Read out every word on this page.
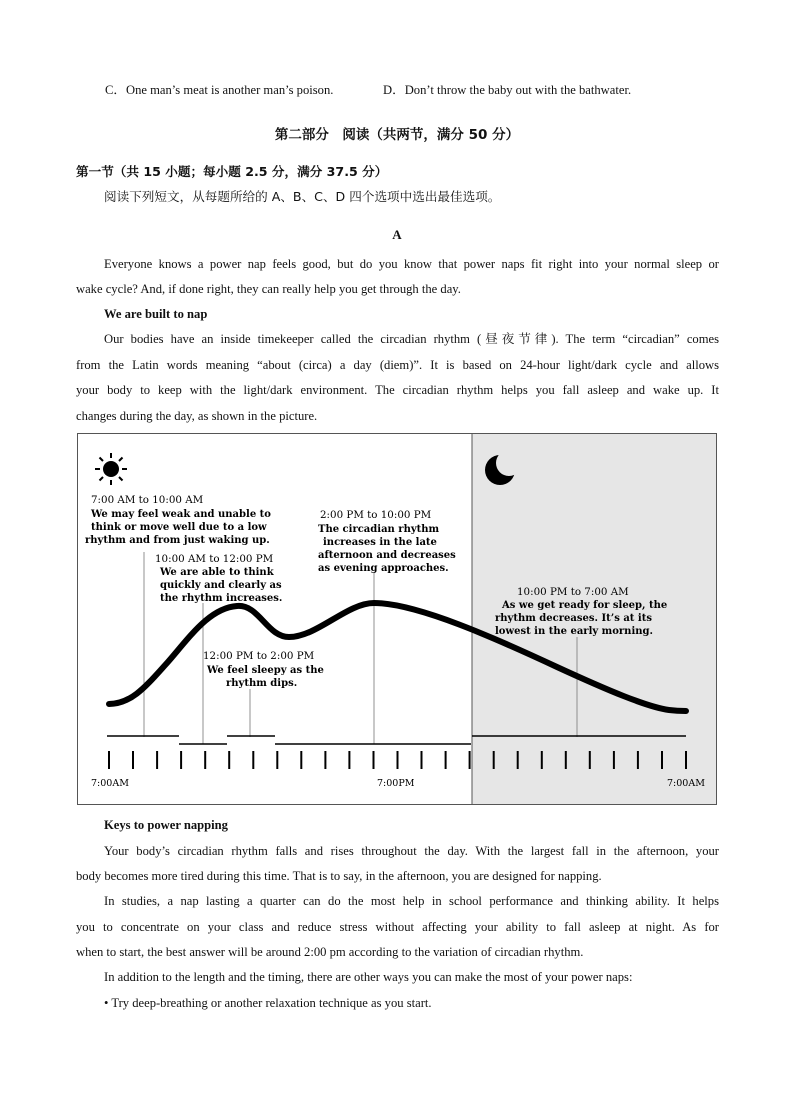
C．One man’s meat is another man’s poison.	D．Don’t throw the baby out with the bathwater.
第二部分　阅读（共两节，满分 50 分）
第一节（共 15 小题；每小题 2.5 分，满分 37.5 分）
阅读下列短文，从每题所给的 A、B、C、D 四个选项中选出最佳选项。
A
Everyone knows a power nap feels good, but do you know that power naps fit right into your normal sleep or
wake cycle? And, if done right, they can really help you get through the day.
We are built to nap
Our bodies have an inside timekeeper called the circadian rhythm (昼夜节律). The term “circadian” comes
from the Latin words meaning “about (circa) a day (diem)”. It is based on 24-hour light/dark cycle and allows
your body to keep with the light/dark environment. The circadian rhythm helps you fall asleep and wake up. It
changes during the day, as shown in the picture.
7:00AM	7:00PM	7:00AM
7:00 AM to 10:00 AM
We may feel weak and unable to
think or move well due to a low
rhythm and from just waking up.
10:00 AM to 12:00 PM
We are able to think
quickly and clearly as
the rhythm increases.
12:00 PM to 2:00 PM
We feel sleepy as the
rhythm dips.
2:00 PM to 10:00 PM
The circadian rhythm
increases in the late
afternoon and decreases
as evening approaches.
10:00 PM to 7:00 AM
As we get ready for sleep, the
rhythm decreases. It’s at its
lowest in the early morning.
Keys to power napping
Your body’s circadian rhythm falls and rises throughout the day. With the largest fall in the afternoon, your
body becomes more tired during this time. That is to say, in the afternoon, you are designed for napping.
In studies, a nap lasting a quarter can do the most help in school performance and thinking ability. It helps
you to concentrate on your class and reduce stress without affecting your ability to fall asleep at night. As for
when to start, the best answer will be around 2:00 pm according to the variation of circadian rhythm.
In addition to the length and the timing, there are other ways you can make the most of your power naps:
• Try deep-breathing or another relaxation technique as you start.
